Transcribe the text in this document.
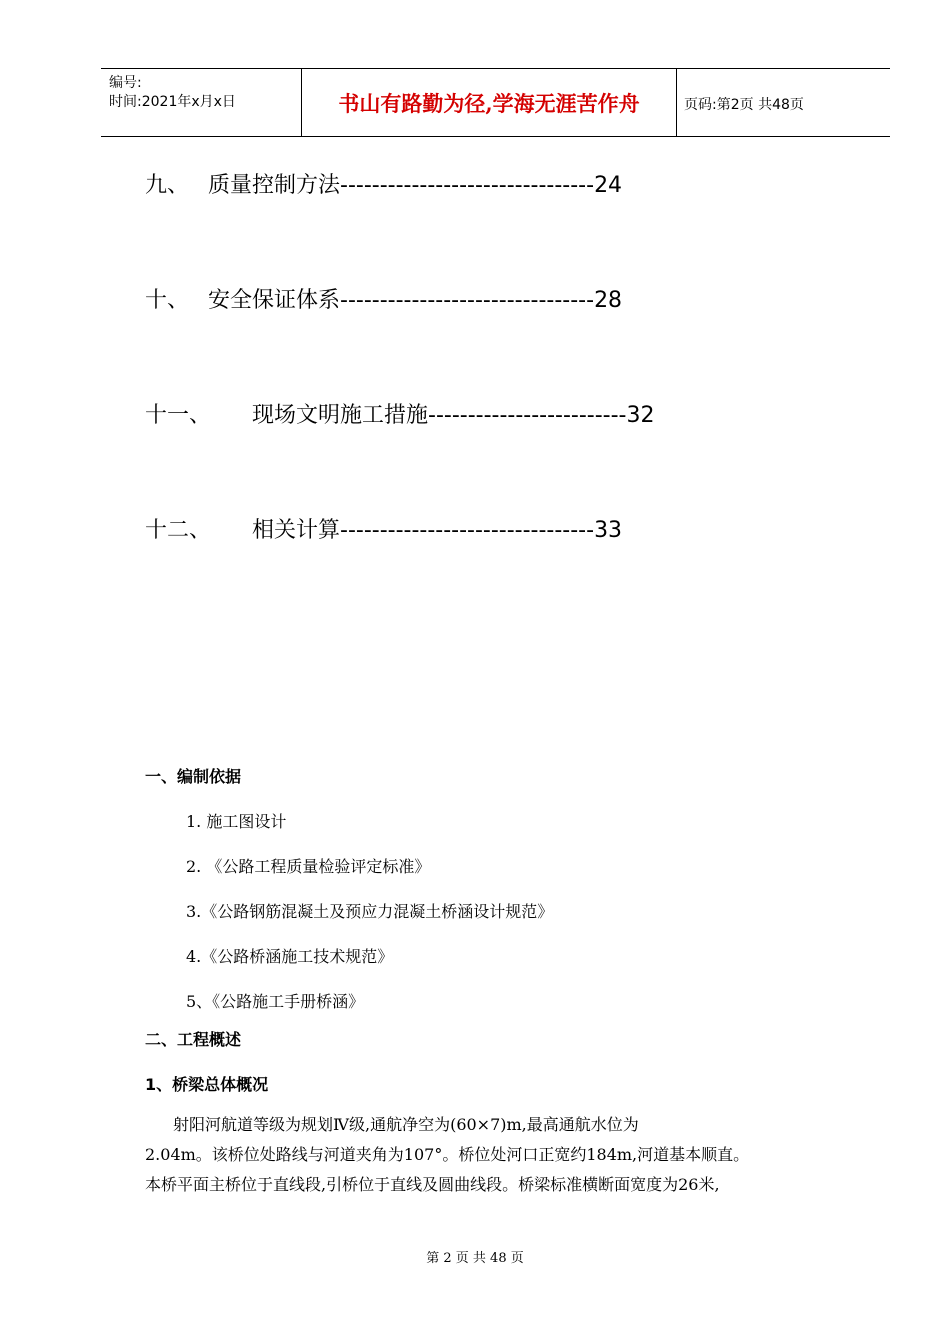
编号:
时间:2021年x月x日	书山有路勤为径,学海无涯苦作舟	页码:第2页 共48页
九、 质量控制方法--------------------------------24
十、 安全保证体系--------------------------------28
十一、 现场文明施工措施-------------------------32
十二、 相关计算--------------------------------33
一、编制依据
1. 施工图设计
2. 《公路工程质量检验评定标准》
3.《公路钢筋混凝土及预应力混凝土桥涵设计规范》
4.《公路桥涵施工技术规范》
5、《公路施工手册桥涵》
二、工程概述
1、桥梁总体概况
射阳河航道等级为规划Ⅳ级,通航净空为(60×7)m,最高通航水位为
2.04m。该桥位处路线与河道夹角为107°。桥位处河口正宽约184m,河道基本顺直。
本桥平面主桥位于直线段,引桥位于直线及圆曲线段。桥梁标准横断面宽度为26米,
第 2 页 共 48 页
